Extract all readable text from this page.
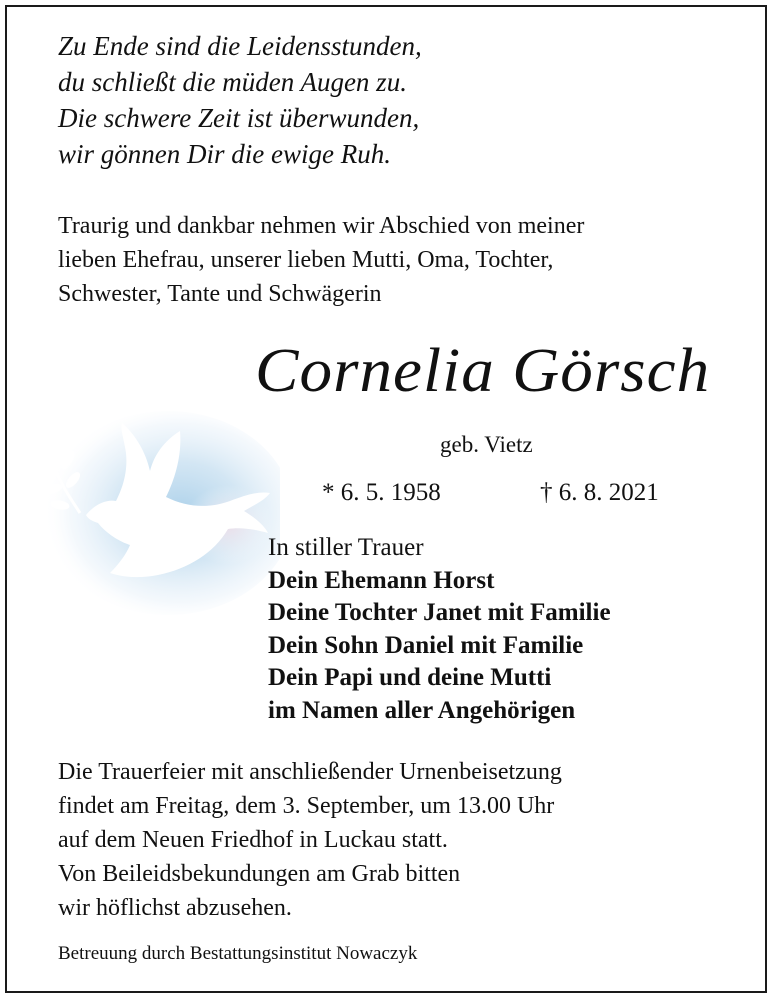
Zu Ende sind die Leidensstunden,
du schließt die müden Augen zu.
Die schwere Zeit ist überwunden,
wir gönnen Dir die ewige Ruh.
Traurig und dankbar nehmen wir Abschied von meiner
lieben Ehefrau, unserer lieben Mutti, Oma, Tochter,
Schwester, Tante und Schwägerin
Cornelia Görsch
geb. Vietz
* 6. 5. 1958	† 6. 8. 2021
In stiller Trauer
Dein Ehemann Horst
Deine Tochter Janet mit Familie
Dein Sohn Daniel mit Familie
Dein Papi und deine Mutti
im Namen aller Angehörigen
Die Trauerfeier mit anschließender Urnenbeisetzung
findet am Freitag, dem 3. September, um 13.00 Uhr
auf dem Neuen Friedhof in Luckau statt.
Von Beileidsbekundungen am Grab bitten
wir höflichst abzusehen.
Betreuung durch Bestattungsinstitut Nowaczyk
